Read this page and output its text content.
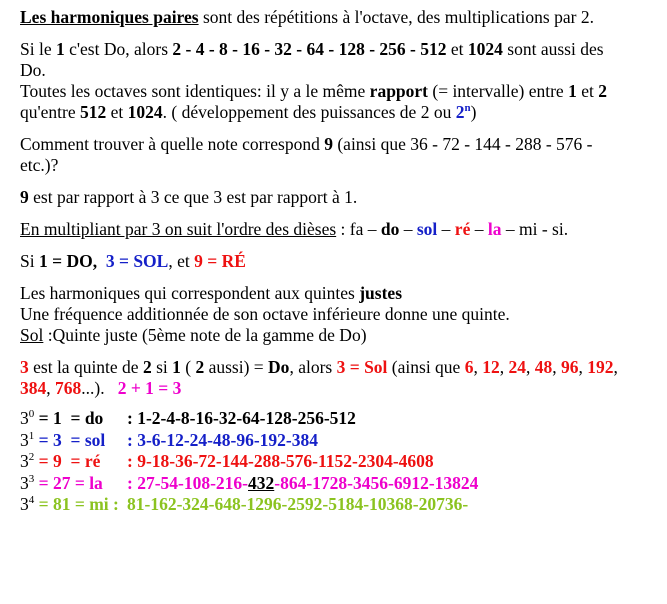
Les harmoniques paires sont des répétitions à l'octave, des multiplications par 2.

Si le 1 c'est Do, alors 2 - 4 - 8 - 16 - 32 - 64 - 128 - 256 - 512 et 1024 sont aussi des Do.
Toutes les octaves sont identiques: il y a le même rapport (= intervalle) entre 1 et 2 qu'entre 512 et 1024. ( développement des puissances de 2 ou 2$^n$)

Comment trouver à quelle note correspond 9 (ainsi que 36 - 72 - 144 - 288 - 576 - etc.)?

9 est par rapport à 3 ce que 3 est par rapport à 1.

En multipliant par 3 on suit l'ordre des dièses : fa – do – sol – ré – la – mi - si.

Si 1 = DO, 3 = SOL, et 9 = RÉ

Les harmoniques qui correspondent aux quintes justes
Une fréquence additionnée de son octave inférieure donne une quinte.
Sol :Quinte juste (5ème note de la gamme de Do)

3 est la quinte de 2 si 1 ( 2 aussi) = Do, alors 3 = Sol (ainsi que 6, 12, 24, 48, 96, 192, 384, 768...).   2 + 1 = 3

$3^0 = 1$  = do : 1-2-4-8-16-32-64-128-256-512
$3^1 = 3$  = sol : 3-6-12-24-48-96-192-384
$3^2 = 9$  = ré : 9-18-36-72-144-288-576-1152-2304-4608
$3^3 = 27$ = la : 27-54-108-216-432-864-1728-3456-6912-13824
$3^4 = 81$ = mi : 81-162-324-648-1296-2592-5184-10368-20736-
